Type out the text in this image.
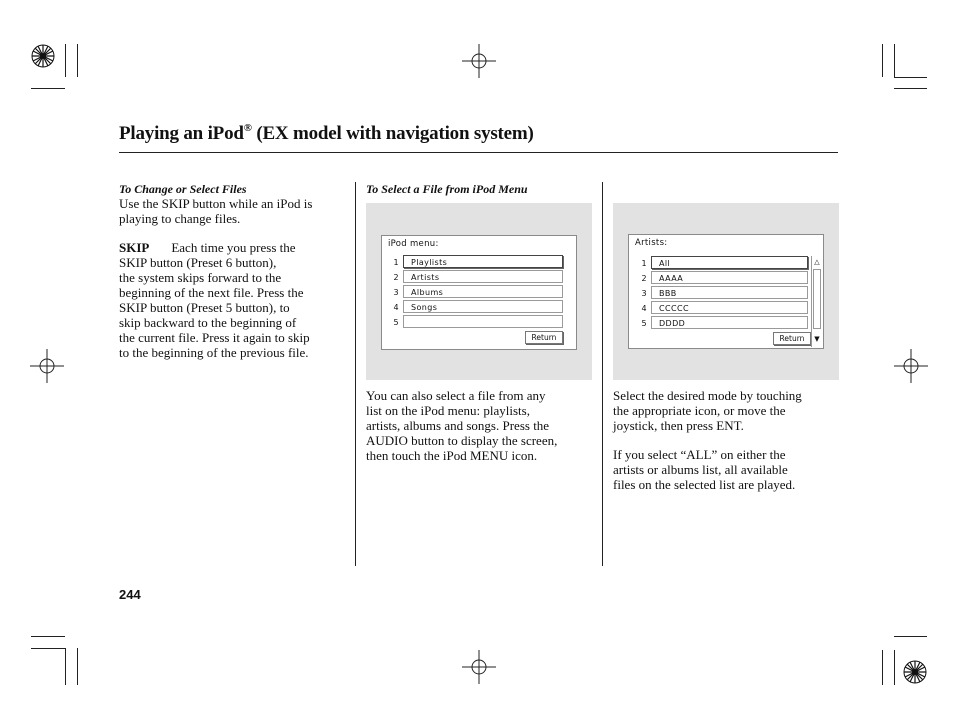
Playing an iPod® (EX model with navigation system)
To Change or Select Files
Use the SKIP button while an iPod is
playing to change files.
SKIP Each time you press the
SKIP button (Preset 6 button),
the system skips forward to the
beginning of the next file. Press the
SKIP button (Preset 5 button), to
skip backward to the beginning of
the current file. Press it again to skip
to the beginning of the previous file.
To Select a File from iPod Menu
iPod menu:
1	Playlists
2	Artists
3	Albums
4	Songs
5
Return
You can also select a file from any
list on the iPod menu: playlists,
artists, albums and songs. Press the
AUDIO button to display the screen,
then touch the iPod MENU icon.
Artists:
1	All
2	AAAA
3	BBB
4	CCCCC
5	DDDD
Return
△
▼
Select the desired mode by touching
the appropriate icon, or move the
joystick, then press ENT.
If you select “ALL” on either the
artists or albums list, all available
files on the selected list are played.
244
